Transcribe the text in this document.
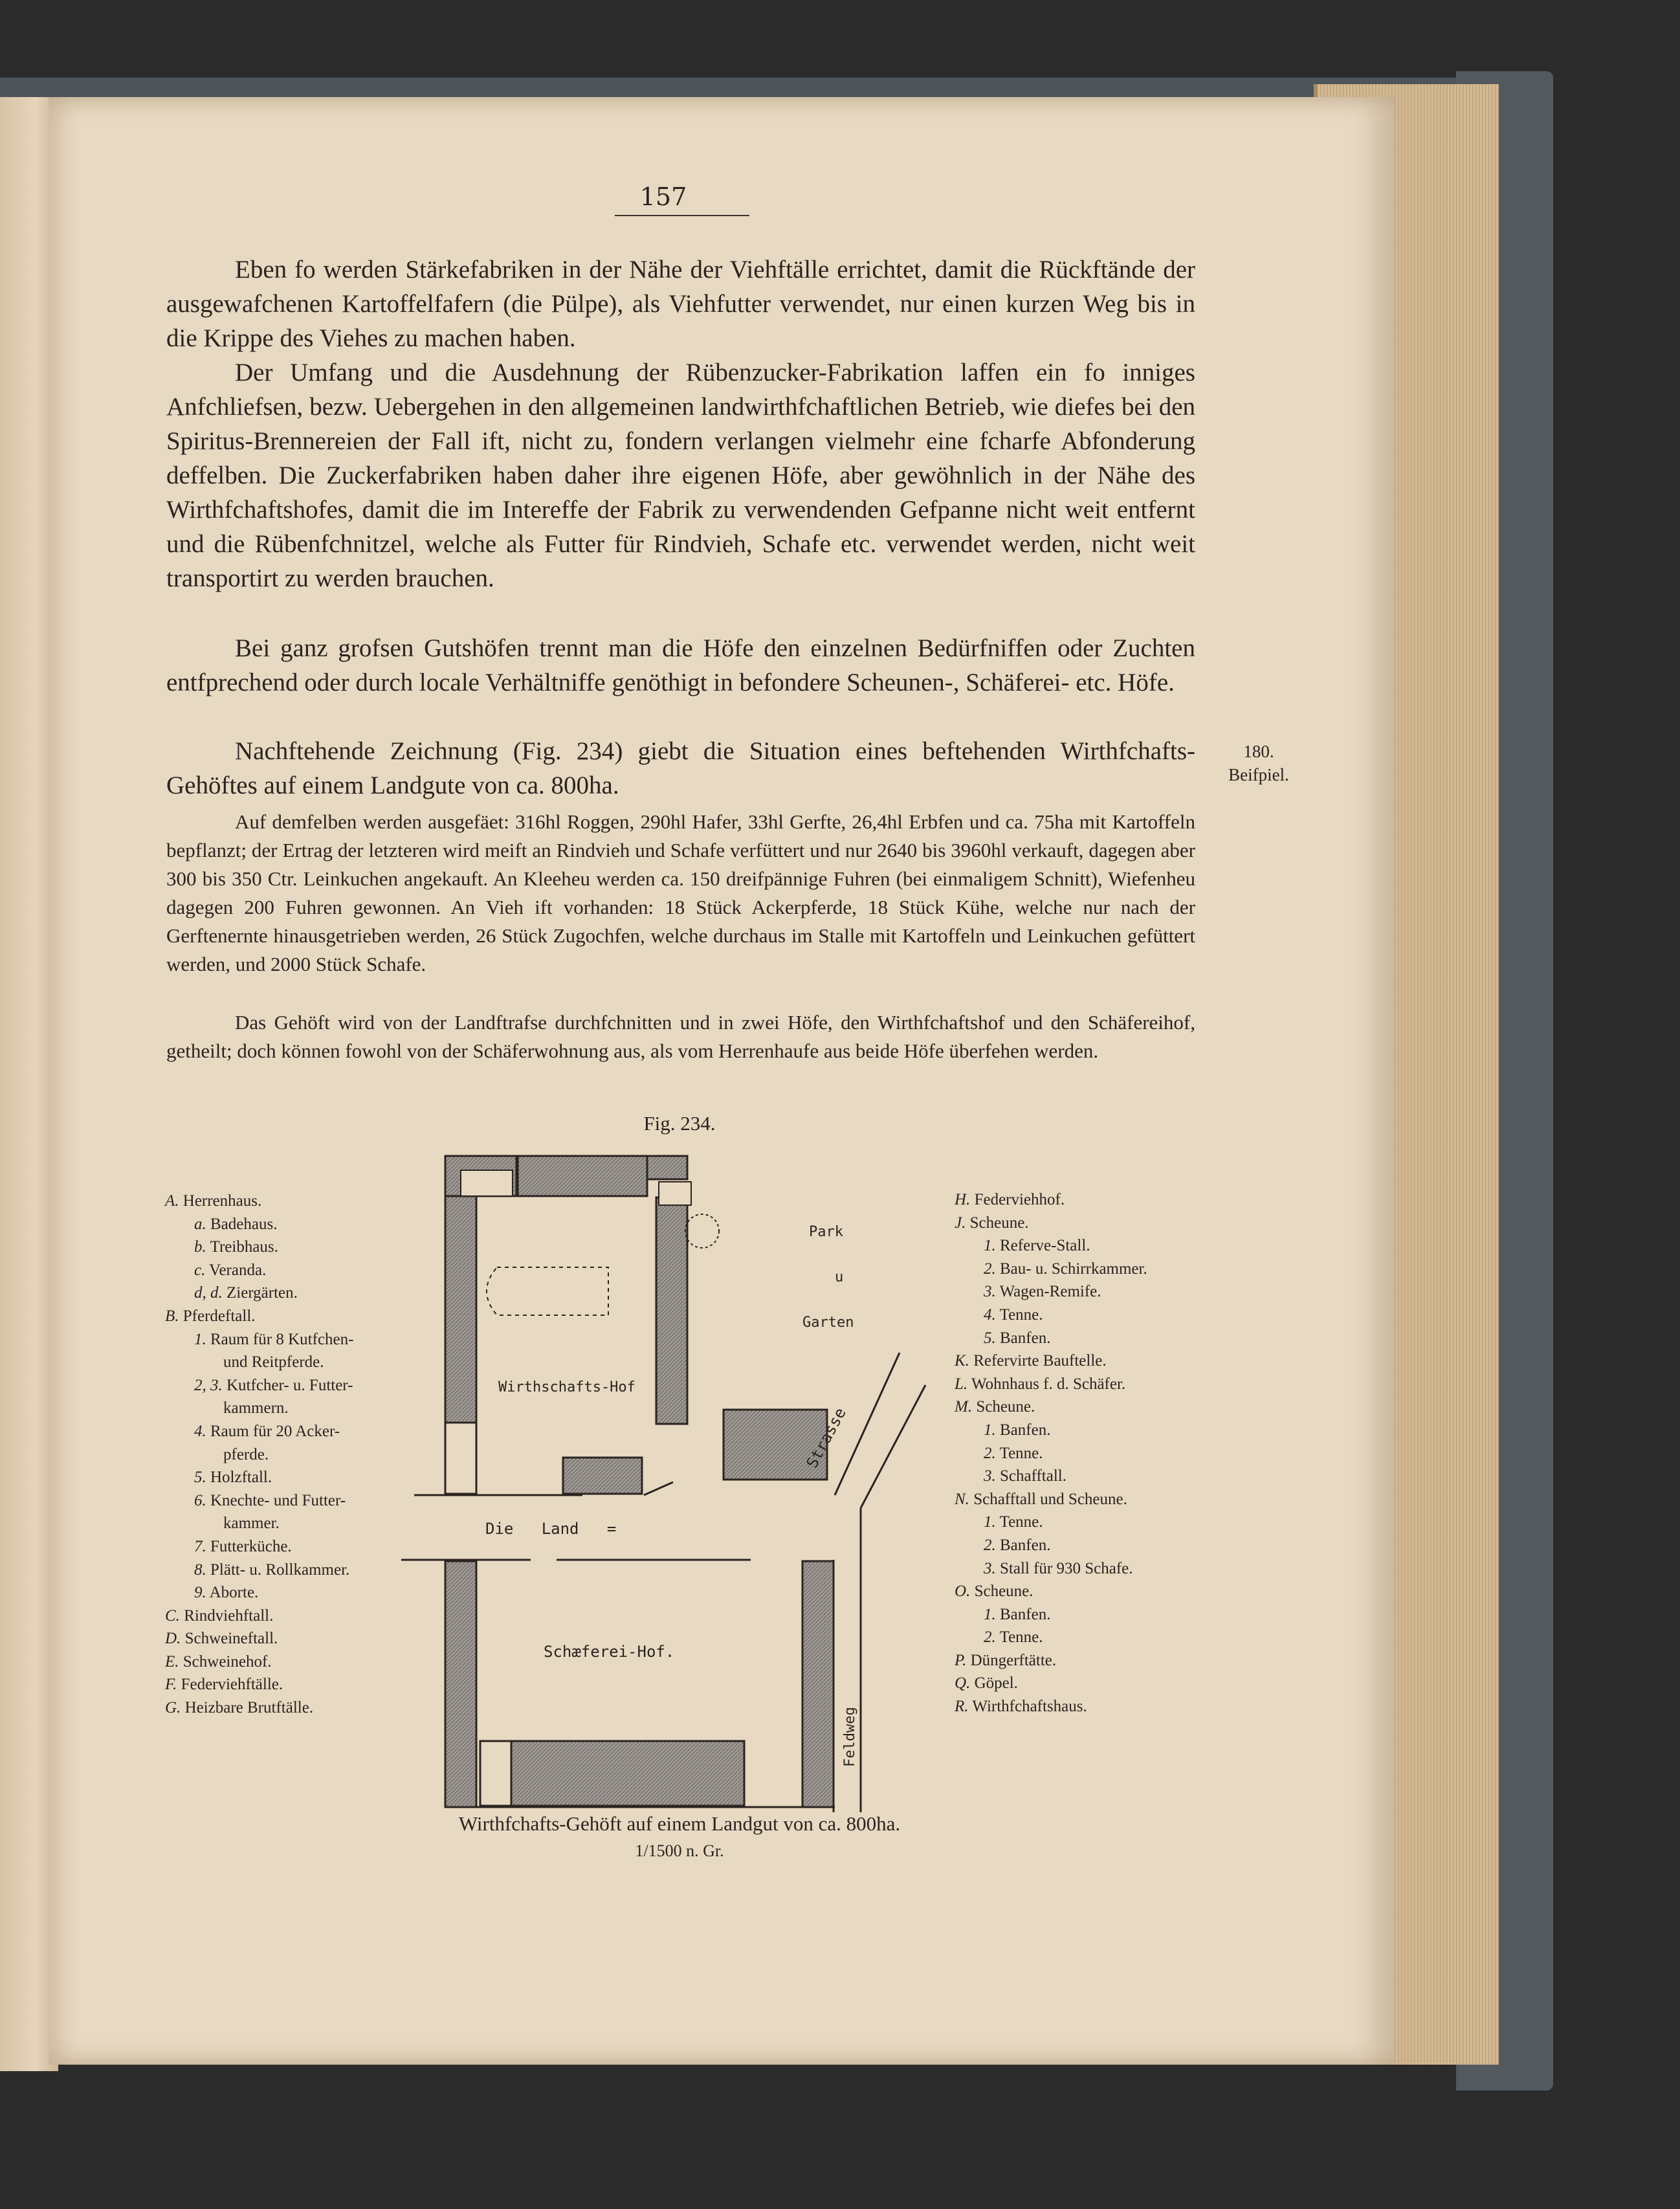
157
Eben fo werden Stärkefabriken in der Nähe der Viehftälle errichtet, damit die Rückftände der ausgewafchenen Kartoffelfafern (die Pülpe), als Viehfutter verwendet, nur einen kurzen Weg bis in die Krippe des Viehes zu machen haben.
Der Umfang und die Ausdehnung der Rübenzucker-Fabrikation laffen ein fo inniges Anfchliefsen, bezw. Uebergehen in den allgemeinen landwirthfchaftlichen Betrieb, wie diefes bei den Spiritus-Brennereien der Fall ift, nicht zu, fondern verlangen vielmehr eine fcharfe Abfonderung deffelben. Die Zuckerfabriken haben daher ihre eigenen Höfe, aber gewöhnlich in der Nähe des Wirthfchaftshofes, damit die im Intereffe der Fabrik zu verwendenden Gefpanne nicht weit entfernt und die Rübenfchnitzel, welche als Futter für Rindvieh, Schafe etc. verwendet werden, nicht weit transportirt zu werden brauchen.
Bei ganz grofsen Gutshöfen trennt man die Höfe den einzelnen Bedürfniffen oder Zuchten entfprechend oder durch locale Verhältniffe genöthigt in befondere Scheunen-, Schäferei- etc. Höfe.
Nachftehende Zeichnung (Fig. 234) giebt die Situation eines beftehenden Wirthfchafts-Gehöftes auf einem Landgute von ca. 800ha.
180.
Beifpiel.
Auf demfelben werden ausgefäet: 316hl Roggen, 290hl Hafer, 33hl Gerfte, 26,4hl Erbfen und ca. 75ha mit Kartoffeln bepflanzt; der Ertrag der letzteren wird meift an Rindvieh und Schafe verfüttert und nur 2640 bis 3960hl verkauft, dagegen aber 300 bis 350 Ctr. Leinkuchen angekauft. An Kleeheu werden ca. 150 dreifpännige Fuhren (bei einmaligem Schnitt), Wiefenheu dagegen 200 Fuhren gewonnen. An Vieh ift vorhanden: 18 Stück Ackerpferde, 18 Stück Kühe, welche nur nach der Gerftenernte hinausgetrieben werden, 26 Stück Zugochfen, welche durchaus im Stalle mit Kartoffeln und Leinkuchen gefüttert werden, und 2000 Stück Schafe.
Das Gehöft wird von der Landftrafse durchfchnitten und in zwei Höfe, den Wirthfchaftshof und den Schäfereihof, getheilt; doch können fowohl von der Schäferwohnung aus, als vom Herrenhaufe aus beide Höfe überfehen werden.
Fig. 234.
A. Herrenhaus.
a. Badehaus.
b. Treibhaus.
c. Veranda.
d, d. Ziergärten.
B. Pferdeftall.
1. Raum für 8 Kutfchen-
und Reitpferde.
2, 3. Kutfcher- u. Futter-
kammern.
4. Raum für 20 Acker-
pferde.
5. Holzftall.
6. Knechte- und Futter-
kammer.
7. Futterküche.
8. Plätt- u. Rollkammer.
9. Aborte.
C. Rindviehftall.
D. Schweineftall.
E. Schweinehof.
F. Federviehftälle.
G. Heizbare Brutftälle.
H. Federviehhof.
J. Scheune.
1. Referve-Stall.
2. Bau- u. Schirrkammer.
3. Wagen-Remife.
4. Tenne.
5. Banfen.
K. Refervirte Bauftelle.
L. Wohnhaus f. d. Schäfer.
M. Scheune.
1. Banfen.
2. Tenne.
3. Schafftall.
N. Schafftall und Scheune.
1. Tenne.
2. Banfen.
3. Stall für 930 Schafe.
O. Scheune.
1. Banfen.
2. Tenne.
P. Düngerftätte.
Q. Göpel.
R. Wirthfchaftshaus.
Wirthschafts-Hof
Schæferei-Hof.
Die   Land   =
Strasse
Park
u
Garten
Feldweg
Wirthfchafts-Gehöft auf einem Landgut von ca. 800ha.
1/1500 n. Gr.
